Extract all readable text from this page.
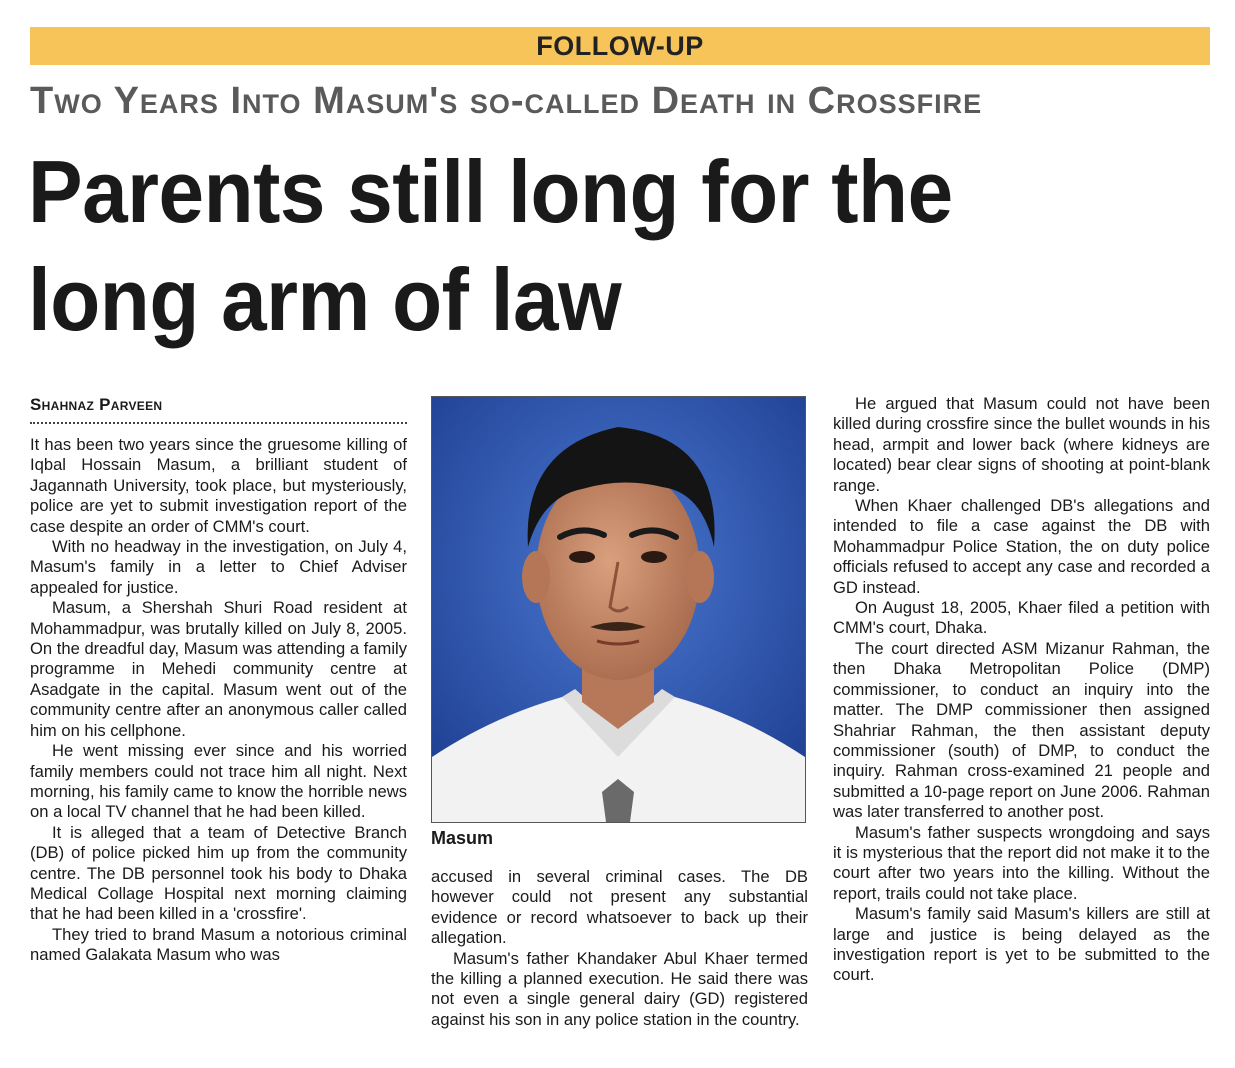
FOLLOW-UP
Two Years Into Masum's so-called Death in Crossfire
Parents still long for the
long arm of law
Shahnaz Parveen

It has been two years since the gruesome killing of Iqbal Hossain Masum, a brilliant student of Jagannath University, took place, but mysteriously, police are yet to submit investigation report of the case despite an order of CMM's court.

With no headway in the investigation, on July 4, Masum's family in a letter to Chief Adviser appealed for justice.

Masum, a Shershah Shuri Road resident at Mohammadpur, was brutally killed on July 8, 2005. On the dreadful day, Masum was attending a family programme in Mehedi community centre at Asadgate in the capital. Masum went out of the community centre after an anonymous caller called him on his cellphone.

He went missing ever since and his worried family members could not trace him all night. Next morning, his family came to know the horrible news on a local TV channel that he had been killed.

It is alleged that a team of Detective Branch (DB) of police picked him up from the community centre. The DB personnel took his body to Dhaka Medical Collage Hospital next morning claiming that he had been killed in a 'crossfire'.

They tried to brand Masum a notorious criminal named Galakata Masum who was

Masum

accused in several criminal cases. The DB however could not present any substantial evidence or record whatsoever to back up their allegation.

Masum's father Khandaker Abul Khaer termed the killing a planned execution. He said there was not even a single general dairy (GD) registered against his son in any police station in the country.

He argued that Masum could not have been killed during crossfire since the bullet wounds in his head, armpit and lower back (where kidneys are located) bear clear signs of shooting at point-blank range.

When Khaer challenged DB's allegations and intended to file a case against the DB with Mohammadpur Police Station, the on duty police officials refused to accept any case and recorded a GD instead.

On August 18, 2005, Khaer filed a petition with CMM's court, Dhaka.

The court directed ASM Mizanur Rahman, the then Dhaka Metropolitan Police (DMP) commissioner, to conduct an inquiry into the matter. The DMP commissioner then assigned Shahriar Rahman, the then assistant deputy commissioner (south) of DMP, to conduct the inquiry. Rahman cross-examined 21 people and submitted a 10-page report on June 2006. Rahman was later transferred to another post.

Masum's father suspects wrongdoing and says it is mysterious that the report did not make it to the court after two years into the killing. Without the report, trails could not take place.

Masum's family said Masum's killers are still at large and justice is being delayed as the investigation report is yet to be submitted to the court.
